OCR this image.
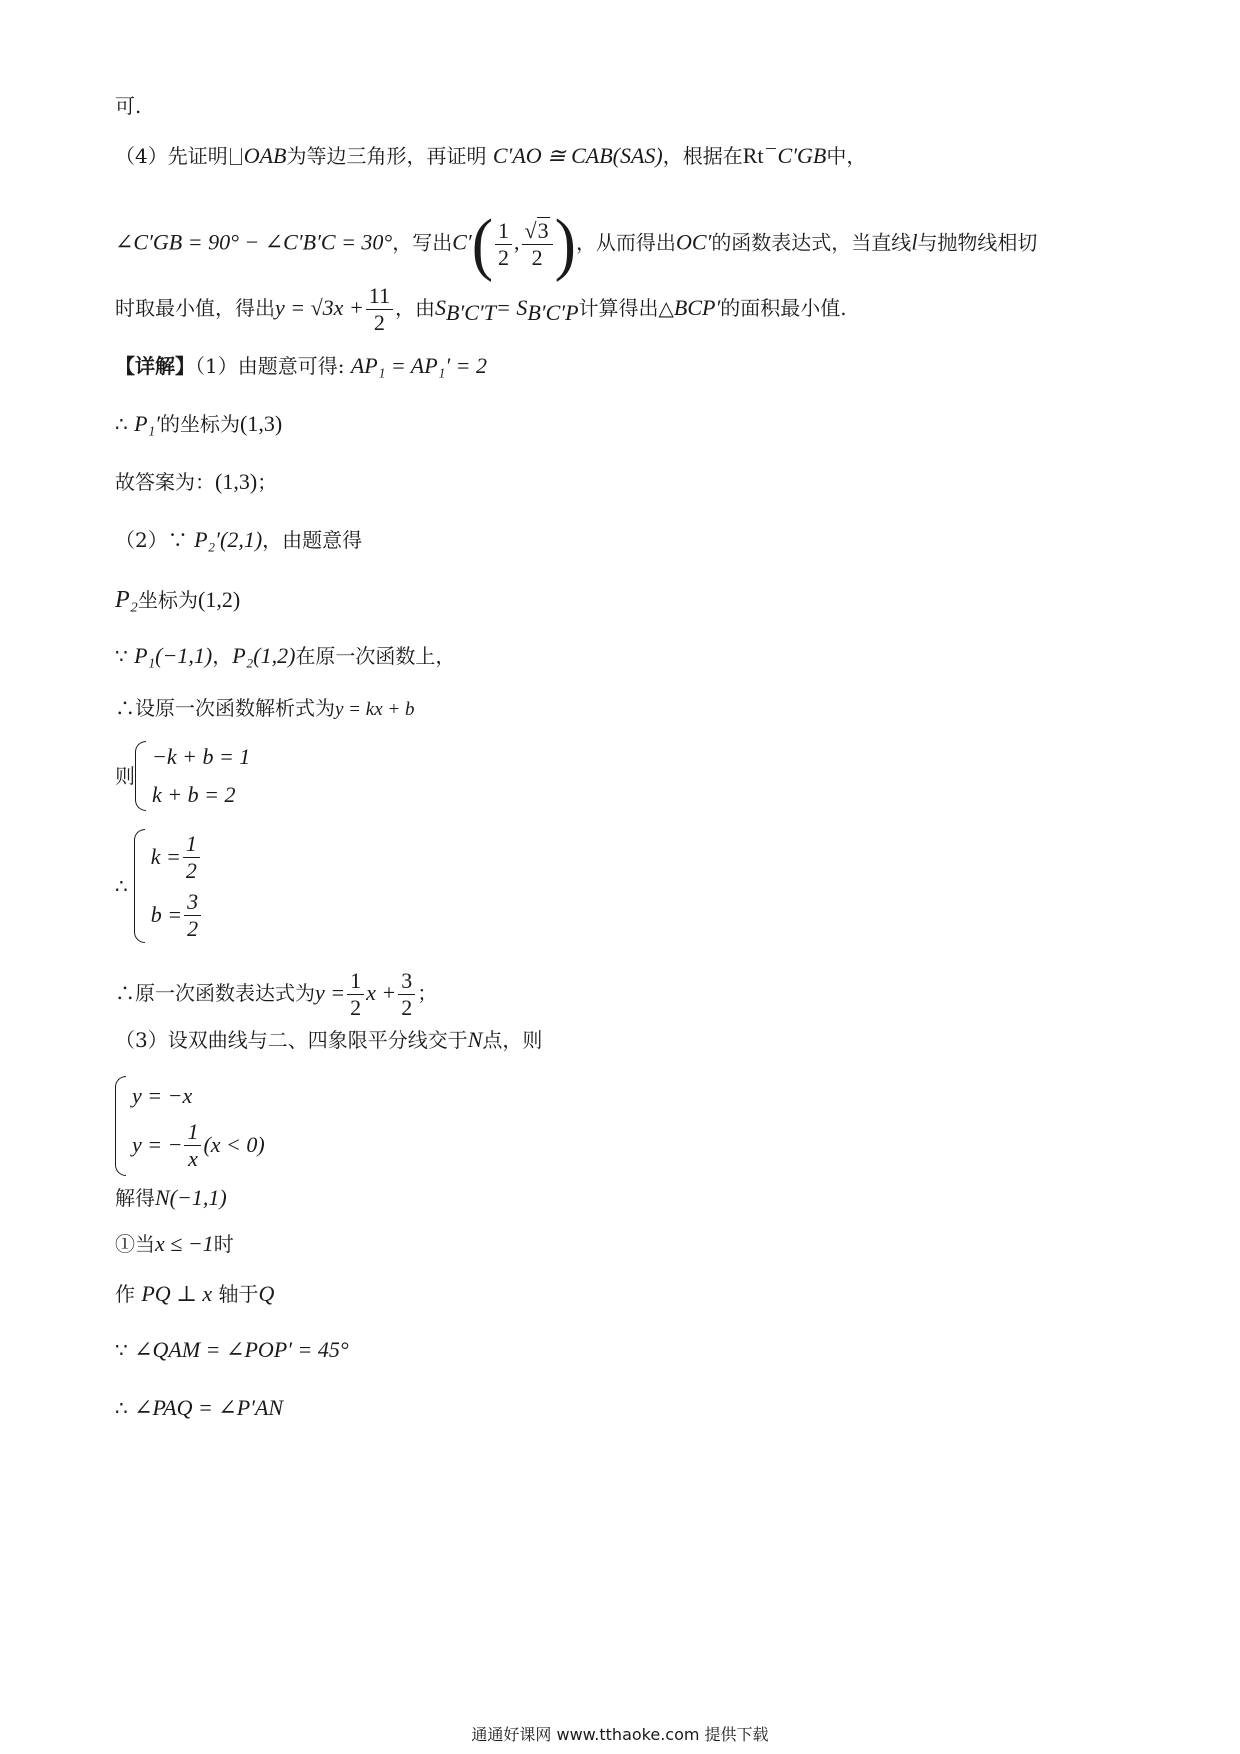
可.
（4）先证明 OAB为等边三角形，再证明 C′AO ≅ CAB(SAS)，根据在Rt C′GB中，
∠C′GB = 90° − ∠C′B′C = 30°，写出$C'( \frac{1}{2}$ , $\frac{√3}{2}$ )，从而得出OC′的函数表达式，当直线l与抛物线相切
时取最小值，得出$y = √3x + \frac{11}{2}$ ，由$S_{B'C'T}= S_{B'C'P}$计算得出△BCP′的面积最小值.
【详解】（1）由题意可得: AP₁ = AP₁′ = 2
∴ P₁′的坐标为(1,3)
故答案为：(1,3)；
（2）∵ P₂′(2,1)，由题意得
P₂坐标为(1,2)
∵ P₁(−1,1)，P₂(1,2)在原一次函数上，
∴设原一次函数解析式为y = kx + b
则
−k + b = 1
k + b = 2
∴
$k = \frac{1}{2}$
$b = \frac{3}{2}$
∴原一次函数表达式为$y = \frac{1}{2}$ $x + \frac{3}{2}$ ；
（3）设双曲线与二、四象限平分线交于N点，则
y = −x
y = − $\frac{1}{x} (x < 0)$
解得N(−1,1)
①当x ≤ −1时
作 PQ ⊥ x 轴于Q
∵ ∠QAM = ∠POP′ = 45°
∴ ∠PAQ = ∠P′AN
通通好课网 www.tthaoke.com 提供下载
